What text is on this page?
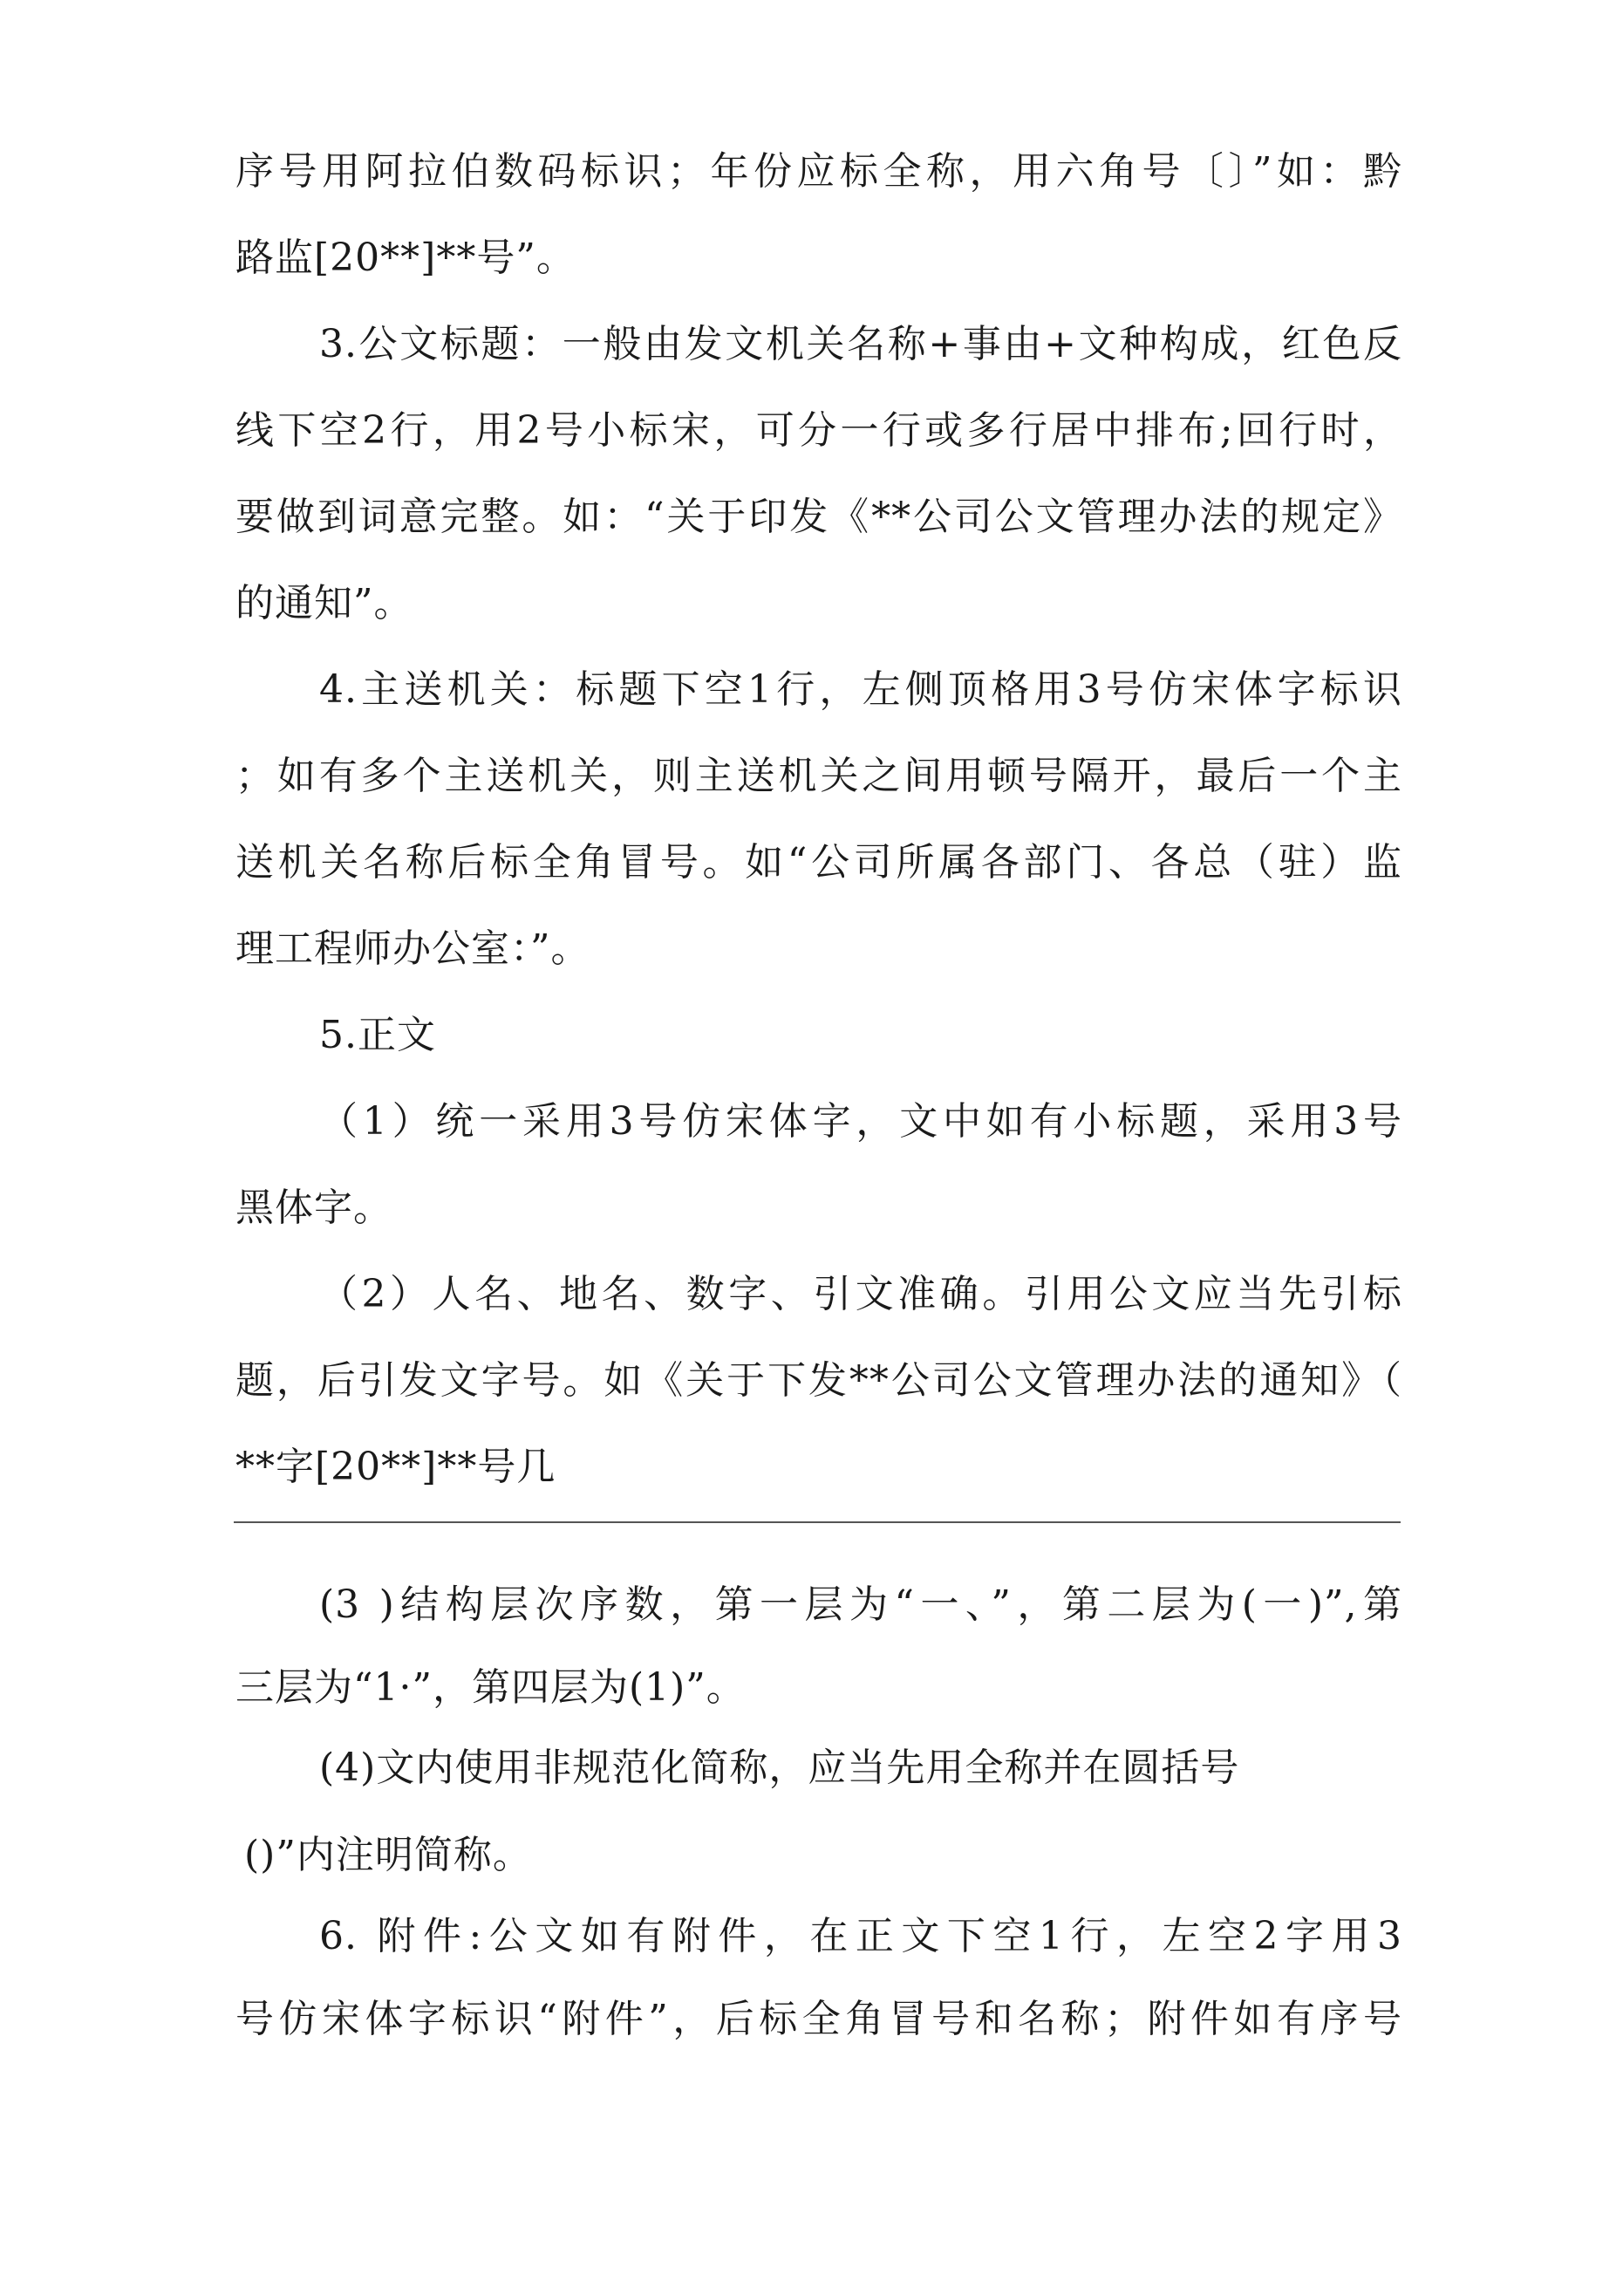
序号用阿拉伯数码标识；年份应标全称，用六角号〔〕”如：黔
路监[20**]**号”。
3.公文标题：一般由发文机关名称+事由+文种构成，红色反
线下空2行，用2号小标宋，可分一行或多行居中排布;回行时，
要做到词意完整。如：“关于印发《**公司公文管理办法的规定》
的通知”。
4.主送机关：标题下空1行，左侧顶格用3号仿宋体字标识
；如有多个主送机关，则主送机关之间用顿号隔开，最后一个主
送机关名称后标全角冒号。如“公司所属各部门、各总（驻）监
理工程师办公室：”。
5.正文
（1）统一采用3号仿宋体字，文中如有小标题，采用3号
黑体字。
（2）人名、地名、数字、引文准确。引用公文应当先引标
题，后引发文字号。如《关于下发**公司公文管理办法的通知》（
**字[20**]**号几
(3 )结构层次序数，第一层为“一、”，第二层为(一)”,第
三层为“1·”，第四层为(1)”。
(4)文内使用非规范化简称，应当先用全称并在圆括号
()”内注明简称。
6. 附件:公文如有附件，在正文下空1行，左空2字用3
号仿宋体字标识“附件”，后标全角冒号和名称；附件如有序号
